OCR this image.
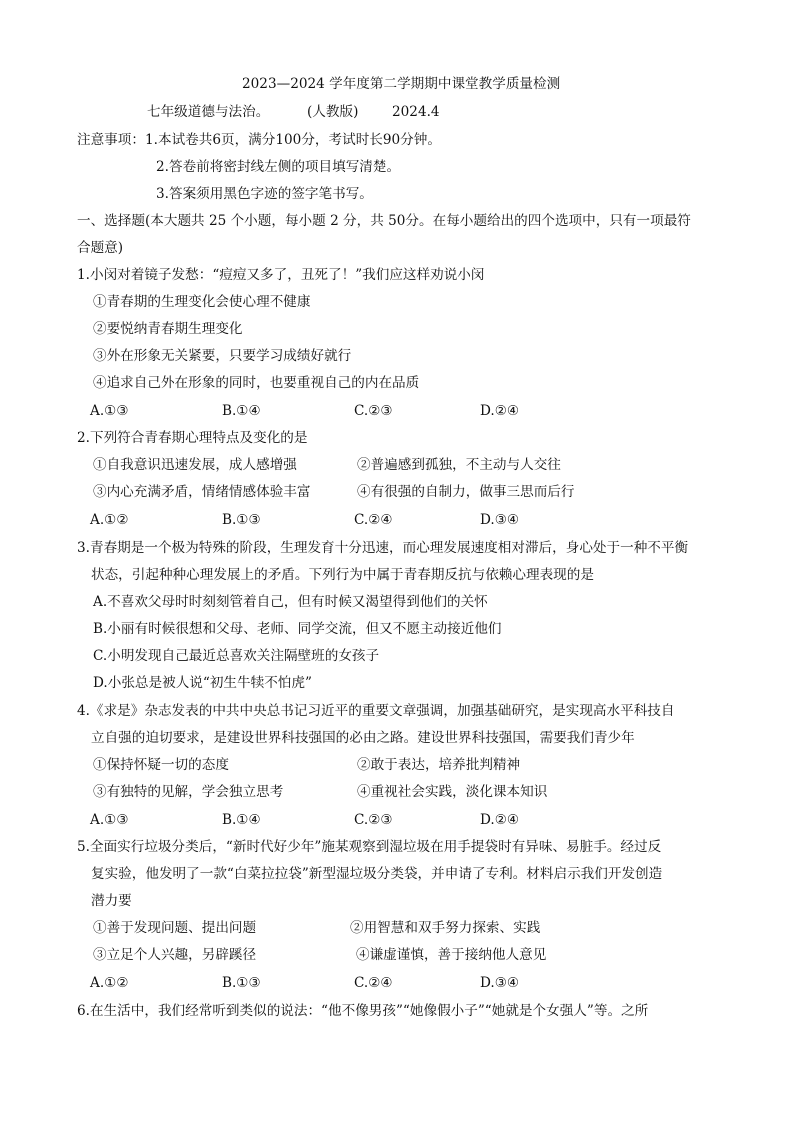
2023—2024 学年度第二学期期中课堂教学质量检测
七年级道德与法治。	(人教版) 2024.4
注意事项： 1.本试卷共6页，满分100分，考试时长90分钟。
2.答卷前将密封线左侧的项目填写清楚。
3.答案须用黑色字迹的签字笔书写。
一、选择题(本大题共 25 个小题，每小题 2 分，共 50分。在每小题给出的四个选项中，只有一项最符
合题意)
1.小闵对着镜子发愁：“痘痘又多了，丑死了！”我们应这样劝说小闵
①青春期的生理变化会使心理不健康
②要悦纳青春期生理变化
③外在形象无关紧要，只要学习成绩好就行
④追求自己外在形象的同时，也要重视自己的内在品质
A.①③	B.①④	C.②③	D.②④
2.下列符合青春期心理特点及变化的是
①自我意识迅速发展，成人感增强	②普遍感到孤独，不主动与人交往
③内心充满矛盾，情绪情感体验丰富	④有很强的自制力，做事三思而后行
A.①②	B.①③	C.②④	D.③④
3.青春期是一个极为特殊的阶段，生理发育十分迅速，而心理发展速度相对滞后，身心处于一种不平衡
状态，引起种种心理发展上的矛盾。下列行为中属于青春期反抗与依赖心理表现的是
A.不喜欢父母时时刻刻管着自己，但有时候又渴望得到他们的关怀
B.小丽有时候很想和父母、老师、同学交流，但又不愿主动接近他们
C.小明发现自己最近总喜欢关注隔壁班的女孩子
D.小张总是被人说“初生牛犊不怕虎”
4.《求是》杂志发表的中共中央总书记习近平的重要文章强调，加强基础研究，是实现高水平科技自
立自强的迫切要求，是建设世界科技强国的必由之路。建设世界科技强国，需要我们青少年
①保持怀疑一切的态度	②敢于表达，培养批判精神
③有独特的见解，学会独立思考	④重视社会实践，淡化课本知识
A.①③	B.①④	C.②③	D.②④
5.全面实行垃圾分类后，“新时代好少年”施某观察到湿垃圾在用手提袋时有异味、易脏手。经过反
复实验，他发明了一款“白菜拉拉袋”新型湿垃圾分类袋，并申请了专利。材料启示我们开发创造
潜力要
①善于发现问题、提出问题	②用智慧和双手努力探索、实践
③立足个人兴趣，另辟蹊径	④谦虚谨慎，善于接纳他人意见
A.①②	B.①③	C.②④	D.③④
6.在生活中，我们经常听到类似的说法：“他不像男孩”“她像假小子”“她就是个女强人”等。之所
